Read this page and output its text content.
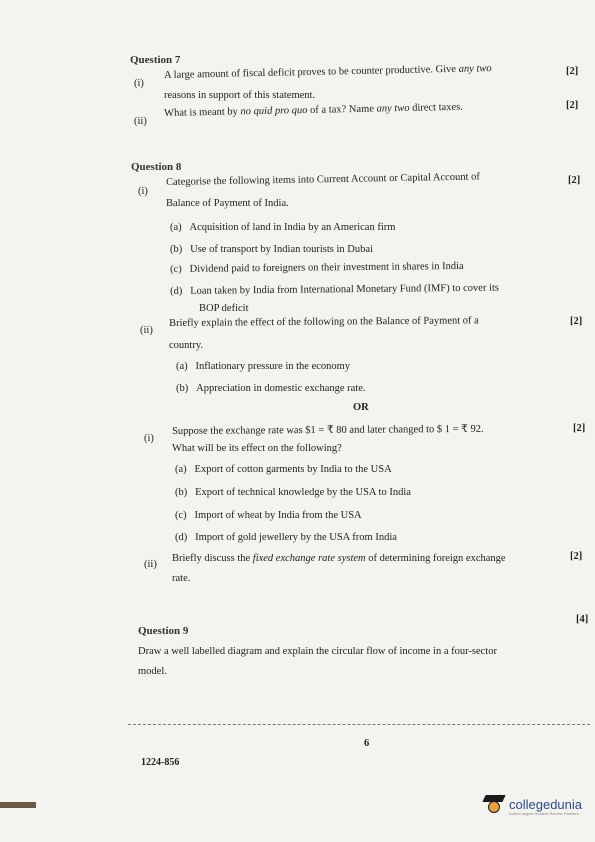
Question 7
(i)
A large amount of fiscal deficit proves to be counter productive. Give any two
reasons in support of this statement.
[2]
(ii)
What is meant by no quid pro quo of a tax? Name any two direct taxes.	[2]
Question 8
(i)
Categorise the following items into Current Account or Capital Account of
Balance of Payment of India.
[2]
(a) Acquisition of land in India by an American firm
(b) Use of transport by Indian tourists in Dubai
(c) Dividend paid to foreigners on their investment in shares in India
(d) Loan taken by India from International Monetary Fund (IMF) to cover its
BOP deficit
(ii)
Briefly explain the effect of the following on the Balance of Payment of a
country.
[2]
(a) Inflationary pressure in the economy
(b) Appreciation in domestic exchange rate.
OR
(i)
Suppose the exchange rate was $1 = ₹ 80 and later changed to $ 1 = ₹ 92.
What will be its effect on the following?
[2]
(a) Export of cotton garments by India to the USA
(b) Export of technical knowledge by the USA to India
(c) Import of wheat by India from the USA
(d) Import of gold jewellery by the USA from India
(ii)
Briefly discuss the fixed exchange rate system of determining foreign exchange
rate.
[2]
Question 9
[4]
Draw a well labelled diagram and explain the circular flow of income in a four-sector
model.
6
1224-856
collegedunia
India's largest Student Review Platform
